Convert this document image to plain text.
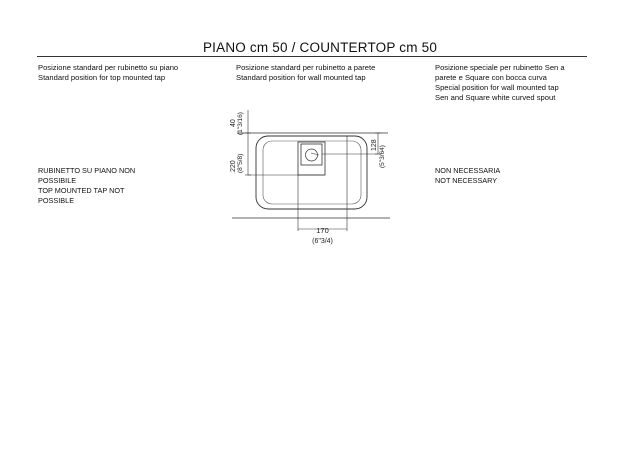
PIANO cm 50 / COUNTERTOP cm 50
Posizione standard per rubinetto su piano
Standard position for top mounted tap
Posizione standard per rubinetto a parete
Standard position for wall mounted tap
Posizione speciale per rubinetto Sen a
parete e Square con bocca curva
Special position for wall mounted tap
Sen and Square white curved spout
RUBINETTO SU PIANO NON
POSSIBILE
TOP MOUNTED TAP NOT
POSSIBLE
NON NECESSARIA
NOT NECESSARY
40 (1"3/16)
220 (8"5/8)
128 (5"3/64)
170
(6"3/4)
